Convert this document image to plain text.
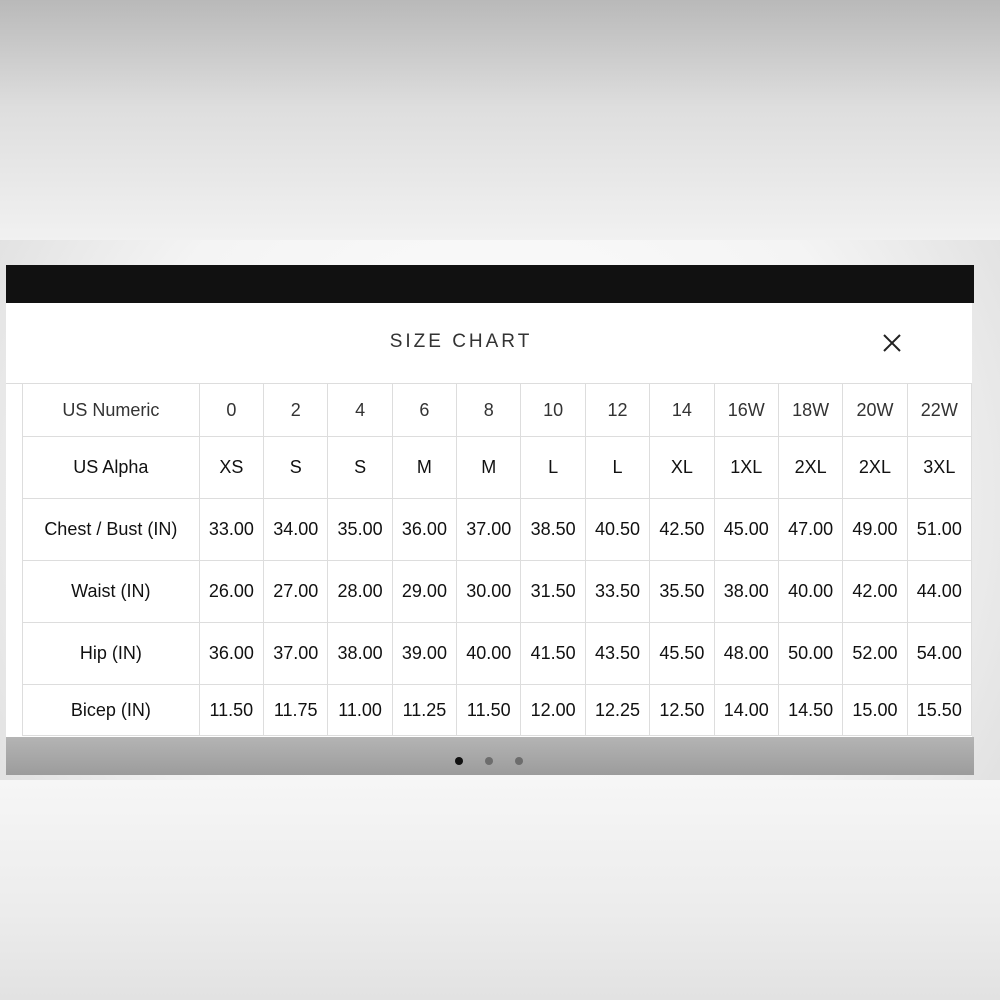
SIZE CHART
US Numeric	0	2	4	6	8	10	12	14	16W	18W	20W	22W
US Alpha	XS	S	S	M	M	L	L	XL	1XL	2XL	2XL	3XL
Chest / Bust (IN)	33.00	34.00	35.00	36.00	37.00	38.50	40.50	42.50	45.00	47.00	49.00	51.00
Waist (IN)	26.00	27.00	28.00	29.00	30.00	31.50	33.50	35.50	38.00	40.00	42.00	44.00
Hip (IN)	36.00	37.00	38.00	39.00	40.00	41.50	43.50	45.50	48.00	50.00	52.00	54.00
Bicep (IN)	11.50	11.75	11.00	11.25	11.50	12.00	12.25	12.50	14.00	14.50	15.00	15.50
